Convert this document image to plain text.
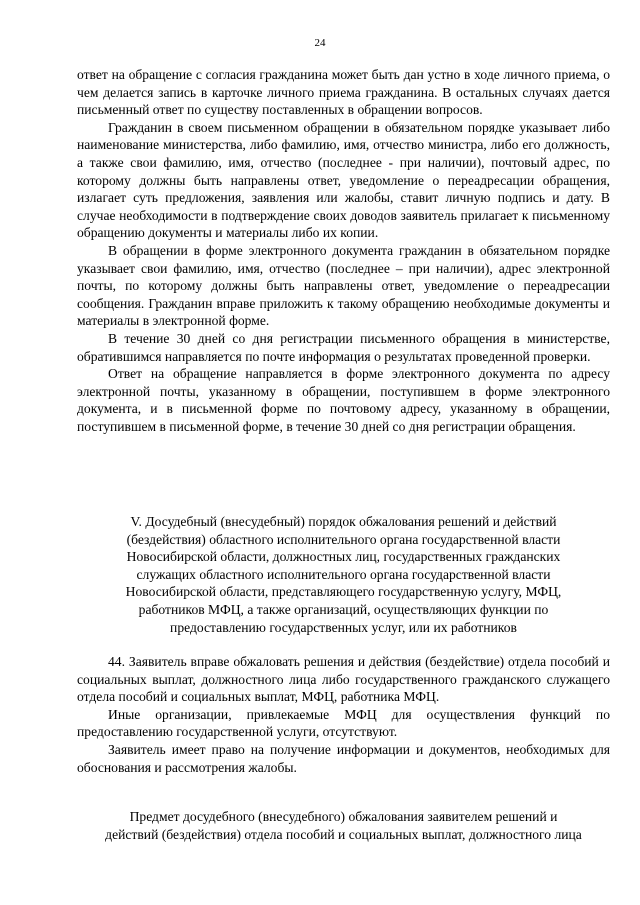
24

ответ на обращение с согласия гражданина может быть дан устно в ходе личного приема, о чем делается запись в карточке личного приема гражданина. В остальных случаях дается письменный ответ по существу поставленных в обращении вопросов.

Гражданин в своем письменном обращении в обязательном порядке указывает либо наименование министерства, либо фамилию, имя, отчество министра, либо его должность, а также свои фамилию, имя, отчество (последнее - при наличии), почтовый адрес, по которому должны быть направлены ответ, уведомление о переадресации обращения, излагает суть предложения, заявления или жалобы, ставит личную подпись и дату. В случае необходимости в подтверждение своих доводов заявитель прилагает к письменному обращению документы и материалы либо их копии.

В обращении в форме электронного документа гражданин в обязательном порядке указывает свои фамилию, имя, отчество (последнее – при наличии), адрес электронной почты, по которому должны быть направлены ответ, уведомление о переадресации сообщения. Гражданин вправе приложить к такому обращению необходимые документы и материалы в электронной форме.

В течение 30 дней со дня регистрации письменного обращения в министерстве, обратившимся направляется по почте информация о результатах проведенной проверки.

Ответ на обращение направляется в форме электронного документа по адресу электронной почты, указанному в обращении, поступившем в форме электронного документа, и в письменной форме по почтовому адресу, указанному в обращении, поступившем в письменной форме, в течение 30 дней со дня регистрации обращения.

V. Досудебный (внесудебный) порядок обжалования решений и действий

(бездействия) областного исполнительного органа государственной власти

Новосибирской области, должностных лиц, государственных гражданских

служащих областного исполнительного органа государственной власти

Новосибирской области, представляющего государственную услугу, МФЦ,

работников МФЦ, а также организаций, осуществляющих функции по

предоставлению государственных услуг, или их работников

44. Заявитель вправе обжаловать решения и действия (бездействие) отдела пособий и социальных выплат, должностного лица либо государственного гражданского служащего отдела пособий и социальных выплат, МФЦ, работника МФЦ.

Иные организации, привлекаемые МФЦ для осуществления функций по предоставлению государственной услуги, отсутствуют.

Заявитель имеет право на получение информации и документов, необходимых для обоснования и рассмотрения жалобы.

Предмет досудебного (внесудебного) обжалования заявителем решений и

действий (бездействия) отдела пособий и социальных выплат, должностного лица
